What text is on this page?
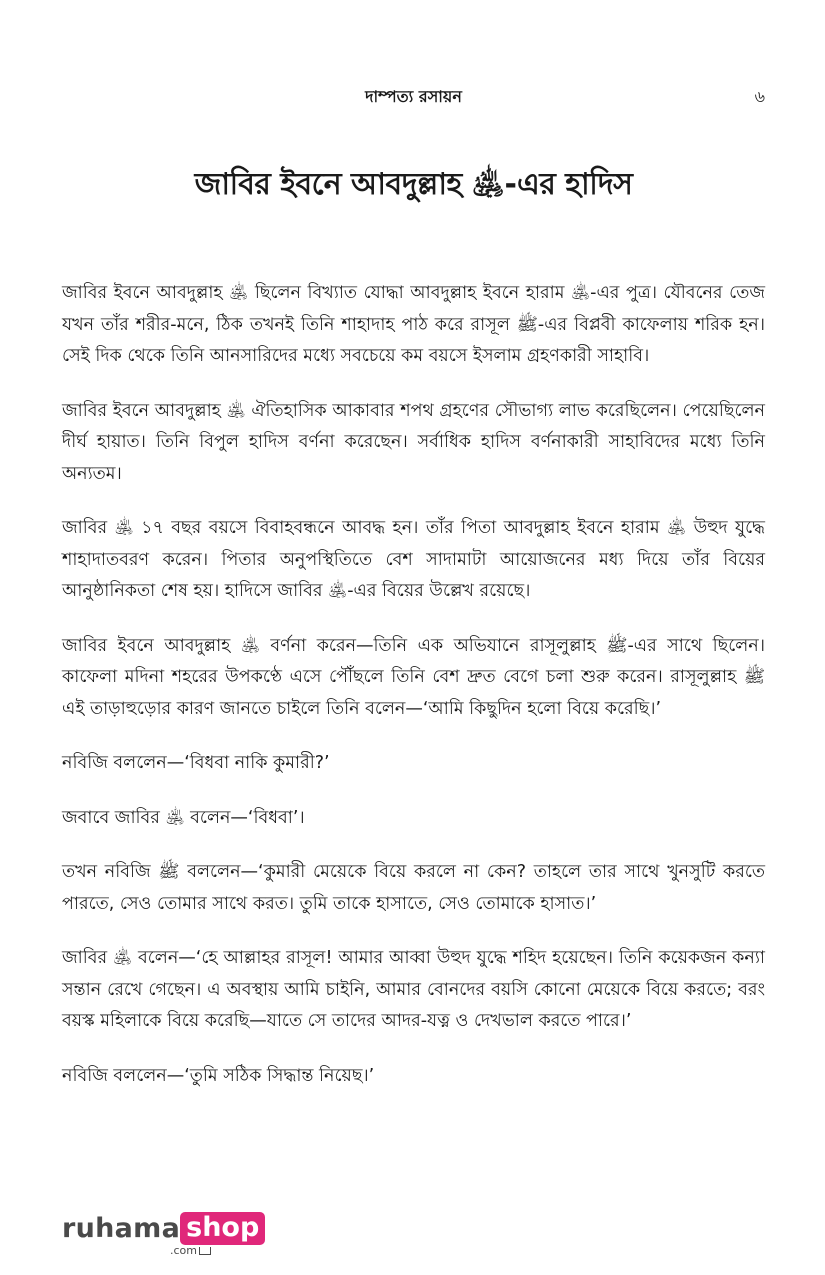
দাম্পত্য রসায়ন	৬
জাবির ইবনে আবদুল্লাহ ﵁-এর হাদিস

জাবির ইবনে আবদুল্লাহ ﵁ ছিলেন বিখ্যাত যোদ্ধা আবদুল্লাহ ইবনে হারাম ﵁-এর পুত্র। যৌবনের তেজ যখন তাঁর শরীর-মনে, ঠিক তখনই তিনি শাহাদাহ পাঠ করে রাসূল ﷺ-এর বিপ্লবী কাফেলায় শরিক হন। সেই দিক থেকে তিনি আনসারিদের মধ্যে সবচেয়ে কম বয়সে ইসলাম গ্রহণকারী সাহাবি।

জাবির ইবনে আবদুল্লাহ ﵁ ঐতিহাসিক আকাবার শপথ গ্রহণের সৌভাগ্য লাভ করেছিলেন। পেয়েছিলেন দীর্ঘ হায়াত। তিনি বিপুল হাদিস বর্ণনা করেছেন। সর্বাধিক হাদিস বর্ণনাকারী সাহাবিদের মধ্যে তিনি অন্যতম।

জাবির ﵁ ১৭ বছর বয়সে বিবাহবন্ধনে আবদ্ধ হন। তাঁর পিতা আবদুল্লাহ ইবনে হারাম ﵁ উহুদ যুদ্ধে শাহাদাতবরণ করেন। পিতার অনুপস্থিতিতে বেশ সাদামাটা আয়োজনের মধ্য দিয়ে তাঁর বিয়ের আনুষ্ঠানিকতা শেষ হয়। হাদিসে জাবির ﵁-এর বিয়ের উল্লেখ রয়েছে।

জাবির ইবনে আবদুল্লাহ ﵁ বর্ণনা করেন—তিনি এক অভিযানে রাসূলুল্লাহ ﷺ-এর সাথে ছিলেন। কাফেলা মদিনা শহরের উপকণ্ঠে এসে পৌঁছলে তিনি বেশ দ্রুত বেগে চলা শুরু করেন। রাসূলুল্লাহ ﷺ এই তাড়াহুড়োর কারণ জানতে চাইলে তিনি বলেন—‘আমি কিছুদিন হলো বিয়ে করেছি।’

নবিজি বললেন—‘বিধবা নাকি কুমারী?’

জবাবে জাবির ﵁ বলেন—‘বিধবা’।

তখন নবিজি ﷺ বললেন—‘কুমারী মেয়েকে বিয়ে করলে না কেন? তাহলে তার সাথে খুনসুটি করতে পারতে, সেও তোমার সাথে করত। তুমি তাকে হাসাতে, সেও তোমাকে হাসাত।’

জাবির ﵁ বলেন—‘হে আল্লাহর রাসূল! আমার আব্বা উহুদ যুদ্ধে শহিদ হয়েছেন। তিনি কয়েকজন কন্যা সন্তান রেখে গেছেন। এ অবস্থায় আমি চাইনি, আমার বোনদের বয়সি কোনো মেয়েকে বিয়ে করতে; বরং বয়স্ক মহিলাকে বিয়ে করেছি—যাতে সে তাদের আদর-যত্ন ও দেখভাল করতে পারে।’

নবিজি বললেন—‘তুমি সঠিক সিদ্ধান্ত নিয়েছ।’

ruhama shop
.com
